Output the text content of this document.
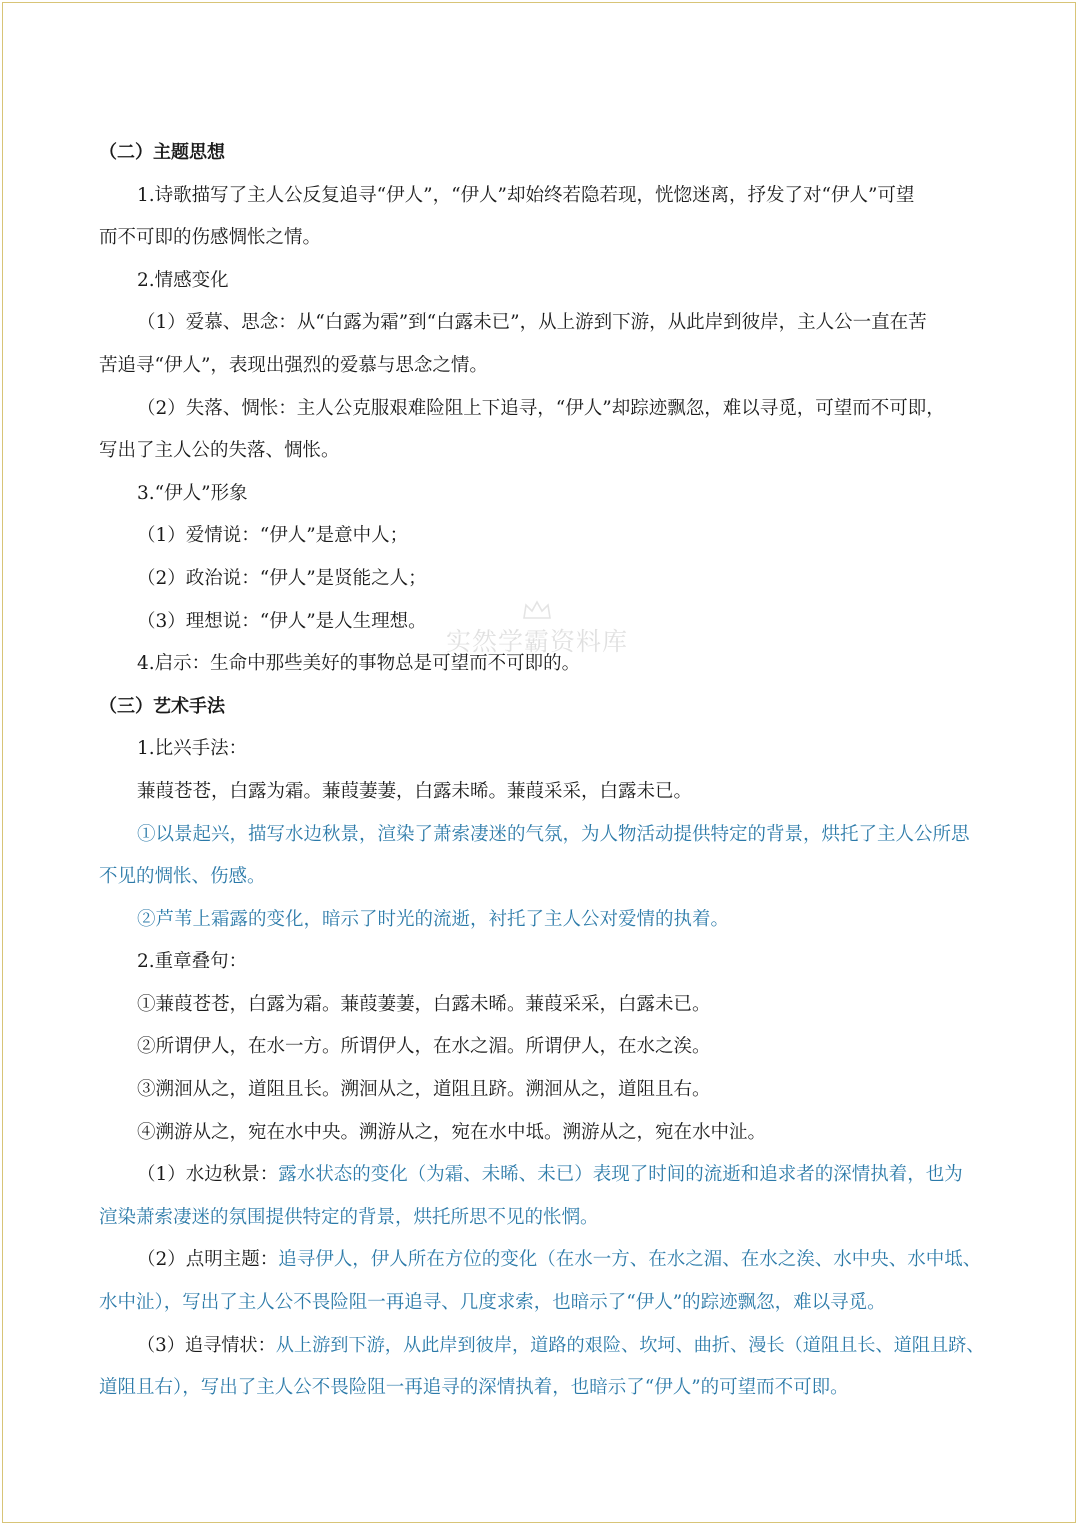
（二）主题思想
1.诗歌描写了主人公反复追寻“伊人”，“伊人”却始终若隐若现，恍惚迷离，抒发了对“伊人”可望
而不可即的伤感惆怅之情。
2.情感变化
（1）爱慕、思念：从“白露为霜”到“白露未已”，从上游到下游，从此岸到彼岸，主人公一直在苦
苦追寻“伊人”，表现出强烈的爱慕与思念之情。
（2）失落、惆怅：主人公克服艰难险阻上下追寻，“伊人”却踪迹飘忽，难以寻觅，可望而不可即，
写出了主人公的失落、惆怅。
3.“伊人”形象
（1）爱情说：“伊人”是意中人；
（2）政治说：“伊人”是贤能之人；
（3）理想说：“伊人”是人生理想。
4.启示：生命中那些美好的事物总是可望而不可即的。
（三）艺术手法
1.比兴手法：
蒹葭苍苍，白露为霜。蒹葭萋萋，白露未晞。蒹葭采采，白露未已。
①以景起兴，描写水边秋景，渲染了萧索凄迷的气氛，为人物活动提供特定的背景，烘托了主人公所思
不见的惆怅、伤感。
②芦苇上霜露的变化，暗示了时光的流逝，衬托了主人公对爱情的执着。
2.重章叠句：
①蒹葭苍苍，白露为霜。蒹葭萋萋，白露未晞。蒹葭采采，白露未已。
②所谓伊人，在水一方。所谓伊人，在水之湄。所谓伊人，在水之涘。
③溯洄从之，道阻且长。溯洄从之，道阻且跻。溯洄从之，道阻且右。
④溯游从之，宛在水中央。溯游从之，宛在水中坻。溯游从之，宛在水中沚。
（1）水边秋景：露水状态的变化（为霜、未晞、未已）表现了时间的流逝和追求者的深情执着，也为
渲染萧索凄迷的氛围提供特定的背景，烘托所思不见的怅惘。
（2）点明主题：追寻伊人，伊人所在方位的变化（在水一方、在水之湄、在水之涘、水中央、水中坻、
水中沚），写出了主人公不畏险阻一再追寻、几度求索，也暗示了“伊人”的踪迹飘忽，难以寻觅。
（3）追寻情状：从上游到下游，从此岸到彼岸，道路的艰险、坎坷、曲折、漫长（道阻且长、道阻且跻、
道阻且右），写出了主人公不畏险阻一再追寻的深情执着，也暗示了“伊人”的可望而不可即。
实然学霸资料库
